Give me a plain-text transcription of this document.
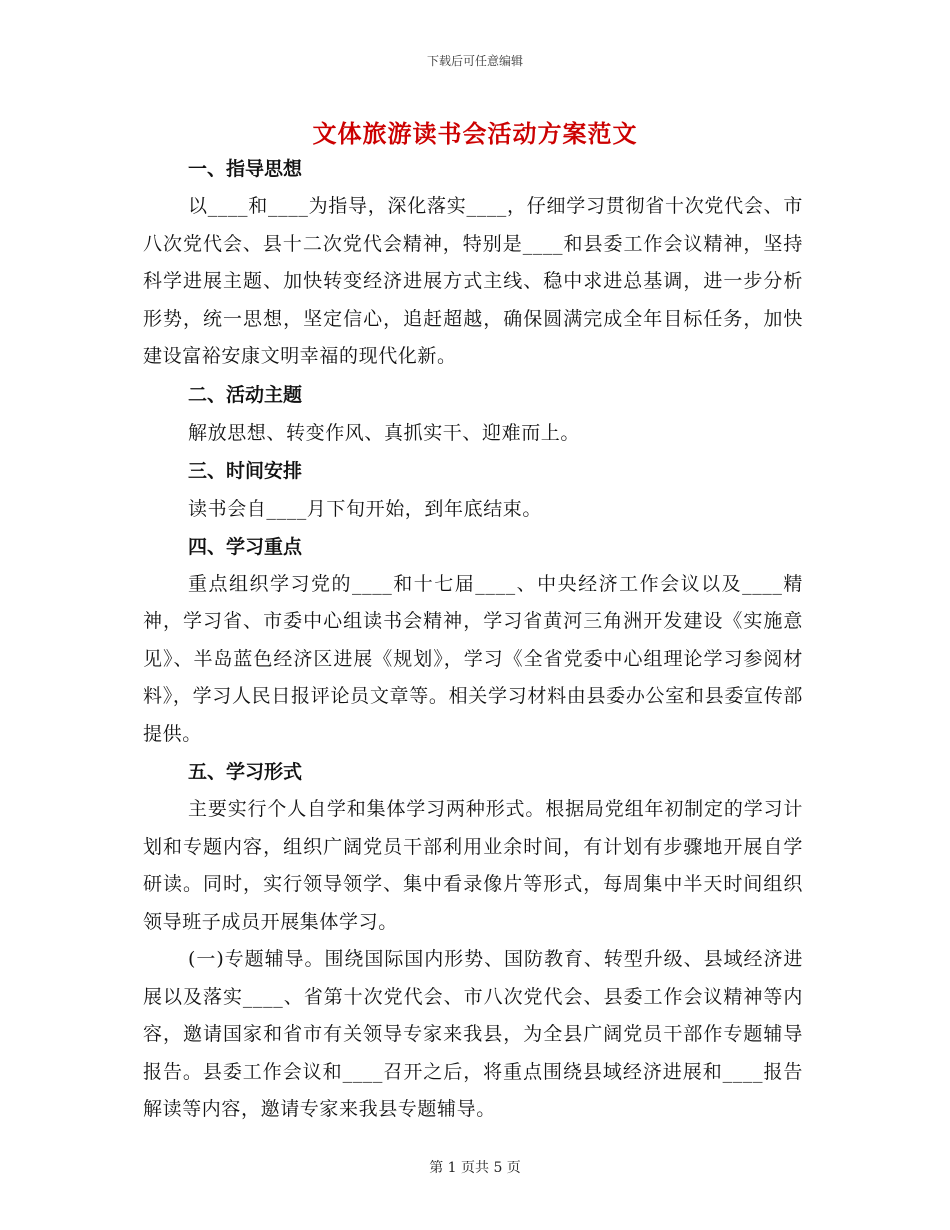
下载后可任意编辑
文体旅游读书会活动方案范文

一、指导思想

以____和____为指导，深化落实____，仔细学习贯彻省十次党代会、市八次党代会、县十二次党代会精神，特别是____和县委工作会议精神，坚持科学进展主题、加快转变经济进展方式主线、稳中求进总基调，进一步分析形势，统一思想，坚定信心，追赶超越，确保圆满完成全年目标任务，加快建设富裕安康文明幸福的现代化新。

二、活动主题

解放思想、转变作风、真抓实干、迎难而上。

三、时间安排

读书会自____月下旬开始，到年底结束。

四、学习重点

重点组织学习党的____和十七届____、中央经济工作会议以及____精神，学习省、市委中心组读书会精神，学习省黄河三角洲开发建设《实施意见》、半岛蓝色经济区进展《规划》，学习《全省党委中心组理论学习参阅材料》，学习人民日报评论员文章等。相关学习材料由县委办公室和县委宣传部提供。

五、学习形式

主要实行个人自学和集体学习两种形式。根据局党组年初制定的学习计划和专题内容，组织广阔党员干部利用业余时间，有计划有步骤地开展自学研读。同时，实行领导领学、集中看录像片等形式，每周集中半天时间组织领导班子成员开展集体学习。

(一)专题辅导。围绕国际国内形势、国防教育、转型升级、县域经济进展以及落实____、省第十次党代会、市八次党代会、县委工作会议精神等内容，邀请国家和省市有关领导专家来我县，为全县广阔党员干部作专题辅导报告。县委工作会议和____召开之后，将重点围绕县域经济进展和____报告解读等内容，邀请专家来我县专题辅导。

第 1 页共 5 页
